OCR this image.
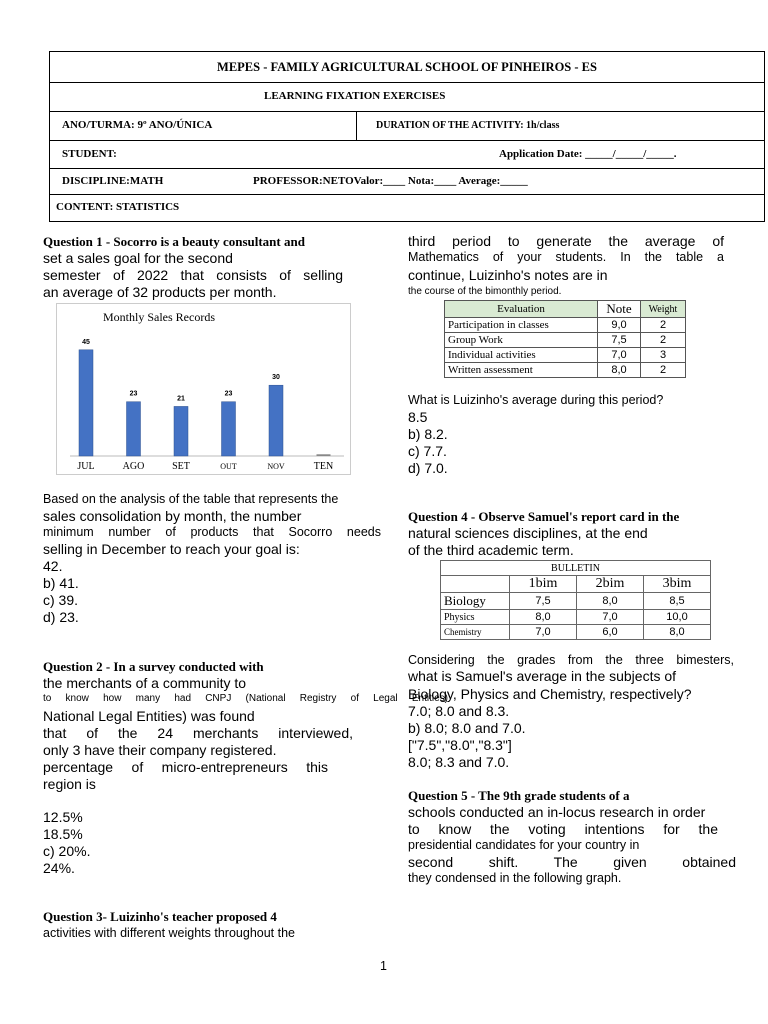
MEPES - FAMILY AGRICULTURAL SCHOOL OF PINHEIROS - ES
LEARNING FIXATION EXERCISES
ANO/TURMA: 9º ANO/ÚNICA	DURATION OF THE ACTIVITY: 1h/class
STUDENT:	Application Date: _____/_____/_____.
DISCIPLINE:MATH	PROFESSOR:NETOValor:____ Nota:____ Average:_____
CONTENT: STATISTICS
Question 1 - Socorro is a beauty consultant and
set a sales goal for the second
semester of 2022 that consists of selling
an average of 32 products per month.
Monthly Sales Records
45
JUL
23
AGO
21
SET
23
OUT
30
NOV	TEN
Based on the analysis of the table that represents the
sales consolidation by month, the number
minimum number of products that Socorro needs
selling in December to reach your goal is:
42.
b) 41.
c) 39.
d) 23.
Question 2 - In a survey conducted with
the merchants of a community to
to know how many had CNPJ (National Registry of Legal Entities)
National Legal Entities) was found
that of the 24 merchants interviewed,
only 3 have their company registered.
percentage of micro-entrepreneurs this
region is
12.5%
18.5%
c) 20%.
24%.
Question 3- Luizinho's teacher proposed 4
activities with different weights throughout the
third period to generate the average of
Mathematics of your students. In the table a
continue, Luizinho's notes are in
the course of the bimonthly period.
Evaluation	Note	Weight
Participation in classes	9,0	2
Group Work	7,5	2
Individual activities	7,0	3
Written assessment	8,0	2
What is Luizinho's average during this period?
8.5
b) 8.2.
c) 7.7.
d) 7.0.
Question 4 - Observe Samuel's report card in the
natural sciences disciplines, at the end
of the third academic term.
BULLETIN			
	1bim	2bim	3bim
Biology	7,5	8,0	8,5
Physics	8,0	7,0	10,0
Chemistry	7,0	6,0	8,0
Considering the grades from the three bimesters,
what is Samuel's average in the subjects of
Biology, Physics and Chemistry, respectively?
7.0; 8.0 and 8.3.
b) 8.0; 8.0 and 7.0.
["7.5","8.0","8.3"]
8.0; 8.3 and 7.0.
Question 5 - The 9th grade students of a
schools conducted an in-locus research in order
to know the voting intentions for the
presidential candidates for your country in
second shift. The given obtained
they condensed in the following graph.
1
